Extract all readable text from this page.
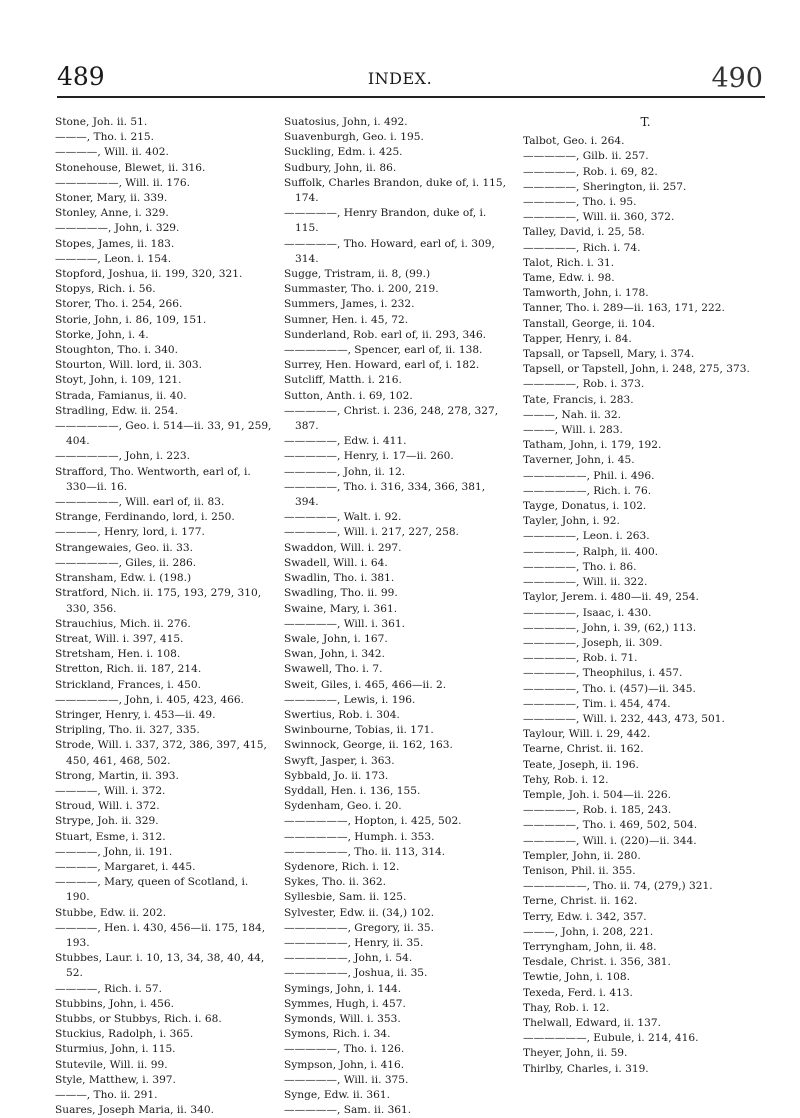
489	INDEX.	490
Stone, Joh. ii. 51.
———, Tho. i. 215.
————, Will. ii. 402.
Stonehouse, Blewet, ii. 316.
——————, Will. ii. 176.
Stoner, Mary, ii. 339.
Stonley, Anne, i. 329.
—————, John, i. 329.
Stopes, James, ii. 183.
————, Leon. i. 154.
Stopford, Joshua, ii. 199, 320, 321.
Stopys, Rich. i. 56.
Storer, Tho. i. 254, 266.
Storie, John, i. 86, 109, 151.
Storke, John, i. 4.
Stoughton, Tho. i. 340.
Stourton, Will. lord, ii. 303.
Stoyt, John, i. 109, 121.
Strada, Famianus, ii. 40.
Stradling, Edw. ii. 254.
——————, Geo. i. 514—ii. 33, 91, 259, 404.
——————, John, i. 223.
Strafford, Tho. Wentworth, earl of, i. 330—ii. 16.
——————, Will. earl of, ii. 83.
Strange, Ferdinando, lord, i. 250.
————, Henry, lord, i. 177.
Strangewaies, Geo. ii. 33.
——————, Giles, ii. 286.
Stransham, Edw. i. (198.)
Stratford, Nich. ii. 175, 193, 279, 310, 330, 356.
Strauchius, Mich. ii. 276.
Streat, Will. i. 397, 415.
Stretsham, Hen. i. 108.
Stretton, Rich. ii. 187, 214.
Strickland, Frances, i. 450.
——————, John, i. 405, 423, 466.
Stringer, Henry, i. 453—ii. 49.
Stripling, Tho. ii. 327, 335.
Strode, Will. i. 337, 372, 386, 397, 415, 450, 461, 468, 502.
Strong, Martin, ii. 393.
————, Will. i. 372.
Stroud, Will. i. 372.
Strype, Joh. ii. 329.
Stuart, Esme, i. 312.
————, John, ii. 191.
————, Margaret, i. 445.
————, Mary, queen of Scotland, i. 190.
Stubbe, Edw. ii. 202.
————, Hen. i. 430, 456—ii. 175, 184, 193.
Stubbes, Laur. i. 10, 13, 34, 38, 40, 44, 52.
————, Rich. i. 57.
Stubbins, John, i. 456.
Stubbs, or Stubbys, Rich. i. 68.
Stuckius, Radolph, i. 365.
Sturmius, John, i. 115.
Stutevile, Will. ii. 99.
Style, Matthew, i. 397.
———, Tho. ii. 291.
Suares, Joseph Maria, ii. 340.
Suatosius, John, i. 492.
Suavenburgh, Geo. i. 195.
Suckling, Edm. i. 425.
Sudbury, John, ii. 86.
Suffolk, Charles Brandon, duke of, i. 115, 174.
—————, Henry Brandon, duke of, i. 115.
—————, Tho. Howard, earl of, i. 309, 314.
Sugge, Tristram, ii. 8, (99.)
Summaster, Tho. i. 200, 219.
Summers, James, i. 232.
Sumner, Hen. i. 45, 72.
Sunderland, Rob. earl of, ii. 293, 346.
——————, Spencer, earl of, ii. 138.
Surrey, Hen. Howard, earl of, i. 182.
Sutcliff, Matth. i. 216.
Sutton, Anth. i. 69, 102.
—————, Christ. i. 236, 248, 278, 327, 387.
—————, Edw. i. 411.
—————, Henry, i. 17—ii. 260.
—————, John, ii. 12.
—————, Tho. i. 316, 334, 366, 381, 394.
—————, Walt. i. 92.
—————, Will. i. 217, 227, 258.
Swaddon, Will. i. 297.
Swadell, Will. i. 64.
Swadlin, Tho. i. 381.
Swadling, Tho. ii. 99.
Swaine, Mary, i. 361.
—————, Will. i. 361.
Swale, John, i. 167.
Swan, John, i. 342.
Swawell, Tho. i. 7.
Sweit, Giles, i. 465, 466—ii. 2.
—————, Lewis, i. 196.
Swertius, Rob. i. 304.
Swinbourne, Tobias, ii. 171.
Swinnock, George, ii. 162, 163.
Swyft, Jasper, i. 363.
Sybbald, Jo. ii. 173.
Syddall, Hen. i. 136, 155.
Sydenham, Geo. i. 20.
——————, Hopton, i. 425, 502.
——————, Humph. i. 353.
——————, Tho. ii. 113, 314.
Sydenore, Rich. i. 12.
Sykes, Tho. ii. 362.
Syllesbie, Sam. ii. 125.
Sylvester, Edw. ii. (34,) 102.
——————, Gregory, ii. 35.
——————, Henry, ii. 35.
——————, John, i. 54.
——————, Joshua, ii. 35.
Symings, John, i. 144.
Symmes, Hugh, i. 457.
Symonds, Will. i. 353.
Symons, Rich. i. 34.
—————, Tho. i. 126.
Sympson, John, i. 416.
—————, Will. ii. 375.
Synge, Edw. ii. 361.
—————, Sam. ii. 361.
T.
Talbot, Geo. i. 264.
—————, Gilb. ii. 257.
—————, Rob. i. 69, 82.
—————, Sherington, ii. 257.
—————, Tho. i. 95.
—————, Will. ii. 360, 372.
Talley, David, i. 25, 58.
—————, Rich. i. 74.
Talot, Rich. i. 31.
Tame, Edw. i. 98.
Tamworth, John, i. 178.
Tanner, Tho. i. 289—ii. 163, 171, 222.
Tanstall, George, ii. 104.
Tapper, Henry, i. 84.
Tapsall, or Tapsell, Mary, i. 374.
Tapsell, or Tapstell, John, i. 248, 275, 373.
—————, Rob. i. 373.
Tate, Francis, i. 283.
———, Nah. ii. 32.
———, Will. i. 283.
Tatham, John, i. 179, 192.
Taverner, John, i. 45.
——————, Phil. i. 496.
——————, Rich. i. 76.
Tayge, Donatus, i. 102.
Tayler, John, i. 92.
—————, Leon. i. 263.
—————, Ralph, ii. 400.
—————, Tho. i. 86.
—————, Will. ii. 322.
Taylor, Jerem. i. 480—ii. 49, 254.
—————, Isaac, i. 430.
—————, John, i. 39, (62,) 113.
—————, Joseph, ii. 309.
—————, Rob. i. 71.
—————, Theophilus, i. 457.
—————, Tho. i. (457)—ii. 345.
—————, Tim. i. 454, 474.
—————, Will. i. 232, 443, 473, 501.
Taylour, Will. i. 29, 442.
Tearne, Christ. ii. 162.
Teate, Joseph, ii. 196.
Tehy, Rob. i. 12.
Temple, Joh. i. 504—ii. 226.
—————, Rob. i. 185, 243.
—————, Tho. i. 469, 502, 504.
—————, Will. i. (220)—ii. 344.
Templer, John, ii. 280.
Tenison, Phil. ii. 355.
——————, Tho. ii. 74, (279,) 321.
Terne, Christ. ii. 162.
Terry, Edw. i. 342, 357.
———, John, i. 208, 221.
Terryngham, John, ii. 48.
Tesdale, Christ. i. 356, 381.
Tewtie, John, i. 108.
Texeda, Ferd. i. 413.
Thay, Rob. i. 12.
Thelwall, Edward, ii. 137.
——————, Eubule, i. 214, 416.
Theyer, John, ii. 59.
Thirlby, Charles, i. 319.
